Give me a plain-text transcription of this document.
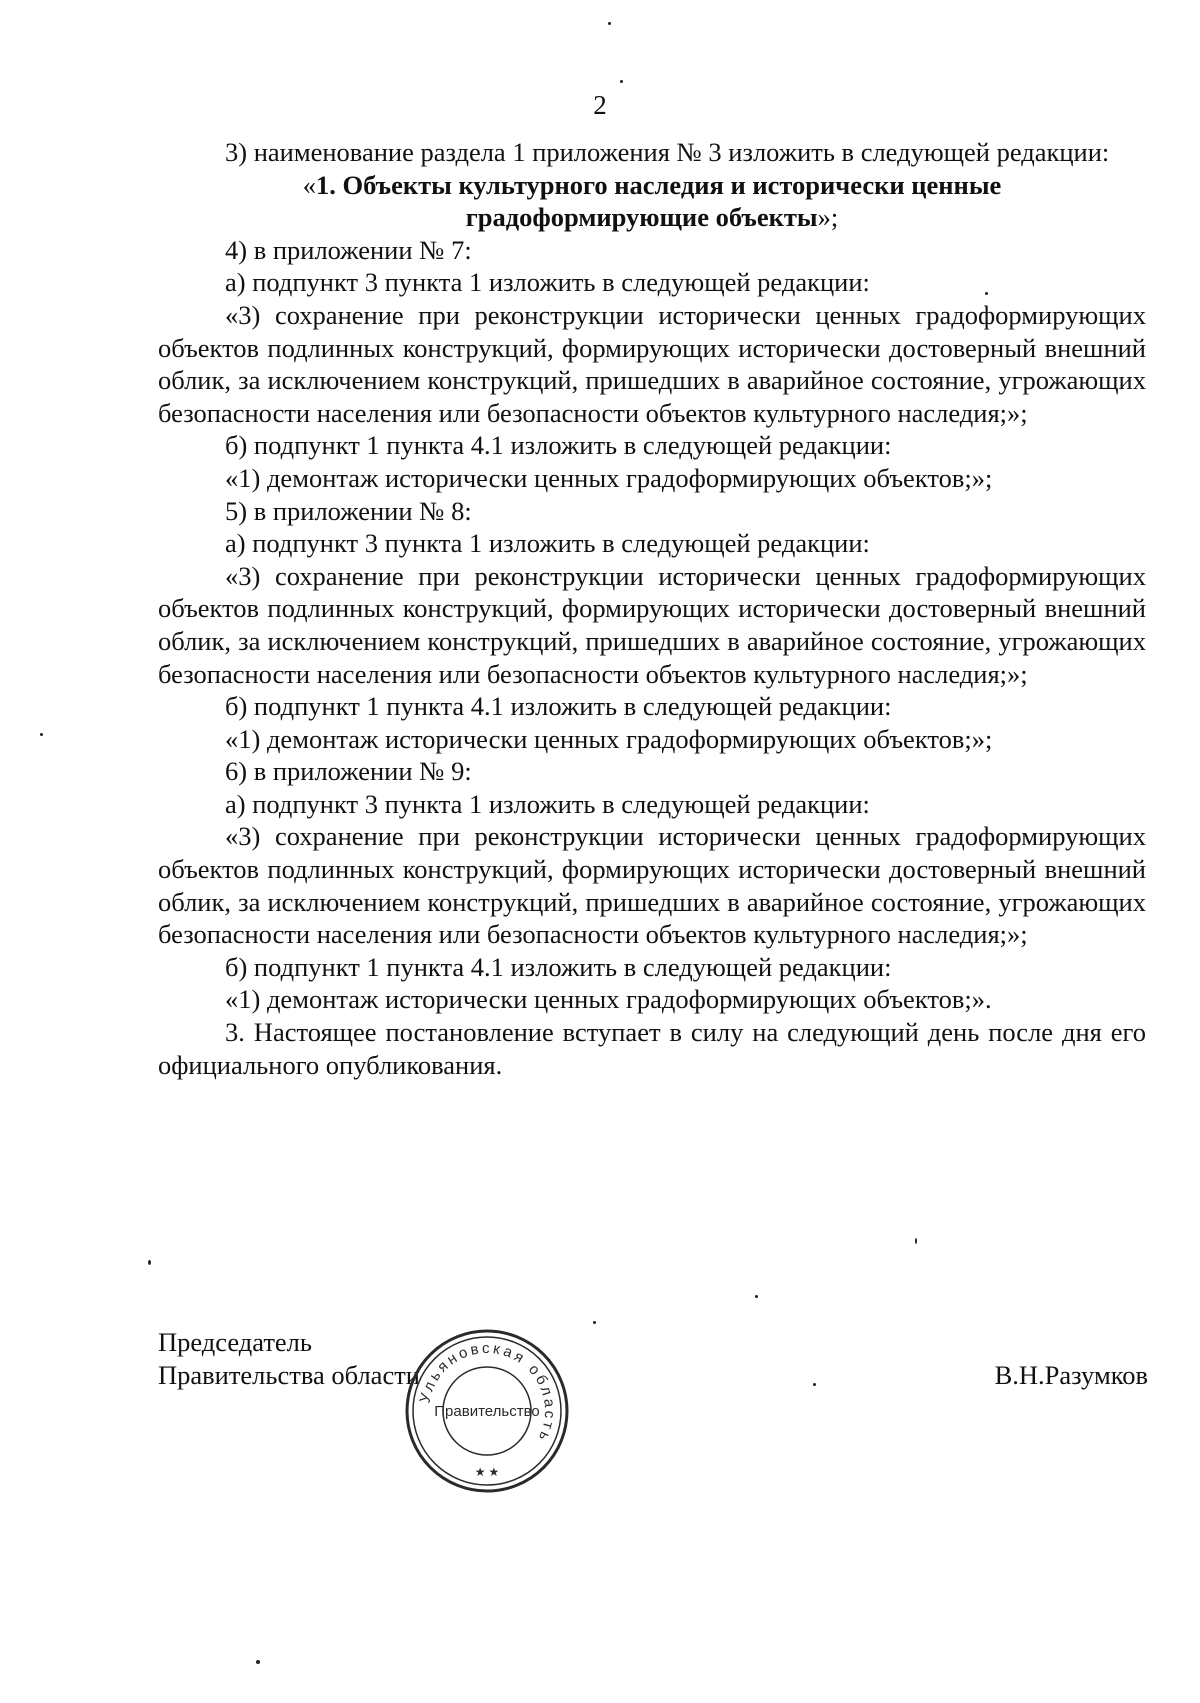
2

3) наименование раздела 1 приложения № 3 изложить в следующей редакции:

«1. Объекты культурного наследия и исторически ценные
градоформирующие объекты»;

4) в приложении № 7:

а) подпункт 3 пункта 1 изложить в следующей редакции:

«3) сохранение при реконструкции исторически ценных градоформирующих объектов подлинных конструкций, формирующих исторически достоверный внешний облик, за исключением конструкций, пришедших в аварийное состояние, угрожающих безопасности населения или безопасности объектов культурного наследия;»;

б) подпункт 1 пункта 4.1 изложить в следующей редакции:

«1) демонтаж исторически ценных градоформирующих объектов;»;

5) в приложении № 8:

а) подпункт 3 пункта 1 изложить в следующей редакции:

«3) сохранение при реконструкции исторически ценных градоформирующих объектов подлинных конструкций, формирующих исторически достоверный внешний облик, за исключением конструкций, пришедших в аварийное состояние, угрожающих безопасности населения или безопасности объектов культурного наследия;»;

б) подпункт 1 пункта 4.1 изложить в следующей редакции:

«1) демонтаж исторически ценных градоформирующих объектов;»;

6) в приложении № 9:

а) подпункт 3 пункта 1 изложить в следующей редакции:

«3) сохранение при реконструкции исторически ценных градоформирующих объектов подлинных конструкций, формирующих исторически достоверный внешний облик, за исключением конструкций, пришедших в аварийное состояние, угрожающих безопасности населения или безопасности объектов культурного наследия;»;

б) подпункт 1 пункта 4.1 изложить в следующей редакции:

«1) демонтаж исторически ценных градоформирующих объектов;».

3. Настоящее постановление вступает в силу на следующий день после дня его официального опубликования.

Председатель
Правительства области	В.Н.Разумков
Ульяновская область
Правительство
★ ★
